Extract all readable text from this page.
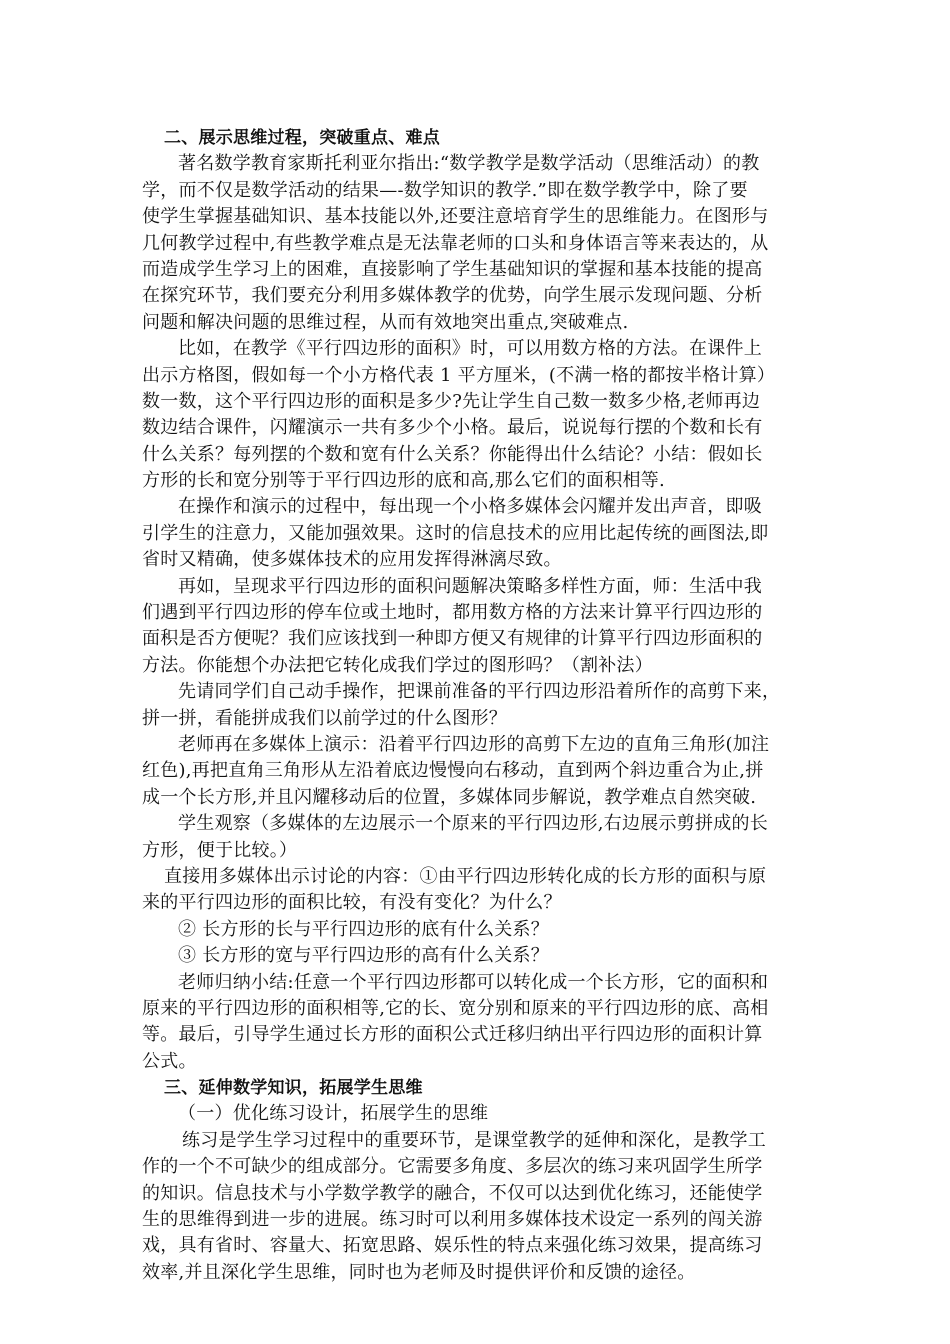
二、展示思维过程，突破重点、难点
著名数学教育家斯托利亚尔指出:“数学教学是数学活动（思维活动）的教
学，而不仅是数学活动的结果—-数学知识的教学.”即在数学教学中，除了要
使学生掌握基础知识、基本技能以外,还要注意培育学生的思维能力。在图形与
几何教学过程中,有些教学难点是无法靠老师的口头和身体语言等来表达的，从
而造成学生学习上的困难，直接影响了学生基础知识的掌握和基本技能的提高
在探究环节，我们要充分利用多媒体教学的优势，向学生展示发现问题、分析
问题和解决问题的思维过程，从而有效地突出重点,突破难点.
比如，在教学《平行四边形的面积》时，可以用数方格的方法。在课件上
出示方格图，假如每一个小方格代表 1 平方厘米，(不满一格的都按半格计算）
数一数，这个平行四边形的面积是多少?先让学生自己数一数多少格,老师再边
数边结合课件，闪耀演示一共有多少个小格。最后，说说每行摆的个数和长有
什么关系？每列摆的个数和宽有什么关系？你能得出什么结论？小结：假如长
方形的长和宽分别等于平行四边形的底和高,那么它们的面积相等.
在操作和演示的过程中，每出现一个小格多媒体会闪耀并发出声音，即吸
引学生的注意力，又能加强效果。这时的信息技术的应用比起传统的画图法,即
省时又精确，使多媒体技术的应用发挥得淋漓尽致。
再如，呈现求平行四边形的面积问题解决策略多样性方面，师：生活中我
们遇到平行四边形的停车位或土地时，都用数方格的方法来计算平行四边形的
面积是否方便呢？我们应该找到一种即方便又有规律的计算平行四边形面积的
方法。你能想个办法把它转化成我们学过的图形吗？（割补法）
先请同学们自己动手操作，把课前准备的平行四边形沿着所作的高剪下来，
拼一拼，看能拼成我们以前学过的什么图形？
老师再在多媒体上演示：沿着平行四边形的高剪下左边的直角三角形(加注
红色),再把直角三角形从左沿着底边慢慢向右移动，直到两个斜边重合为止,拼
成一个长方形,并且闪耀移动后的位置，多媒体同步解说，教学难点自然突破.
学生观察（多媒体的左边展示一个原来的平行四边形,右边展示剪拼成的长
方形，便于比较。）
直接用多媒体出示讨论的内容：①由平行四边形转化成的长方形的面积与原
来的平行四边形的面积比较，有没有变化？为什么？
② 长方形的长与平行四边形的底有什么关系？
③ 长方形的宽与平行四边形的高有什么关系？
老师归纳小结:任意一个平行四边形都可以转化成一个长方形，它的面积和
原来的平行四边形的面积相等,它的长、宽分别和原来的平行四边形的底、高相
等。最后，引导学生通过长方形的面积公式迁移归纳出平行四边形的面积计算
公式。
三、延伸数学知识，拓展学生思维
（一）优化练习设计，拓展学生的思维
练习是学生学习过程中的重要环节，是课堂教学的延伸和深化，是教学工
作的一个不可缺少的组成部分。它需要多角度、多层次的练习来巩固学生所学
的知识。信息技术与小学数学教学的融合，不仅可以达到优化练习，还能使学
生的思维得到进一步的进展。练习时可以利用多媒体技术设定一系列的闯关游
戏，具有省时、容量大、拓宽思路、娱乐性的特点来强化练习效果，提高练习
效率,并且深化学生思维，同时也为老师及时提供评价和反馈的途径。
